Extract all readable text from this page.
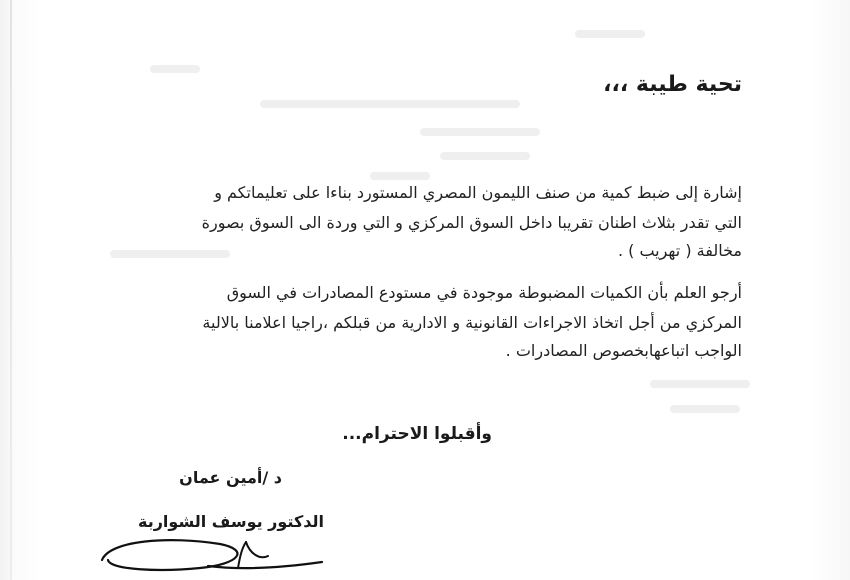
تحية طيبة ،،،
إشارة إلى ضبط كمية من صنف الليمون المصري المستورد بناءا على تعليماتكم و
التي تقدر بثلاث اطنان تقريبا داخل السوق المركزي و التي وردة الى السوق بصورة
مخالفة ( تهريب ) .
أرجو العلم بأن الكميات المضبوطة موجودة في مستودع المصادرات في السوق
المركزي من أجل اتخاذ الاجراءات القانونية و الادارية من قبلكم ،راجيا اعلامنا بالالية
الواجب اتباعهابخصوص المصادرات .
وأقبلوا الاحترام...
د /أمين عمان
الدكتور يوسف الشواربة
